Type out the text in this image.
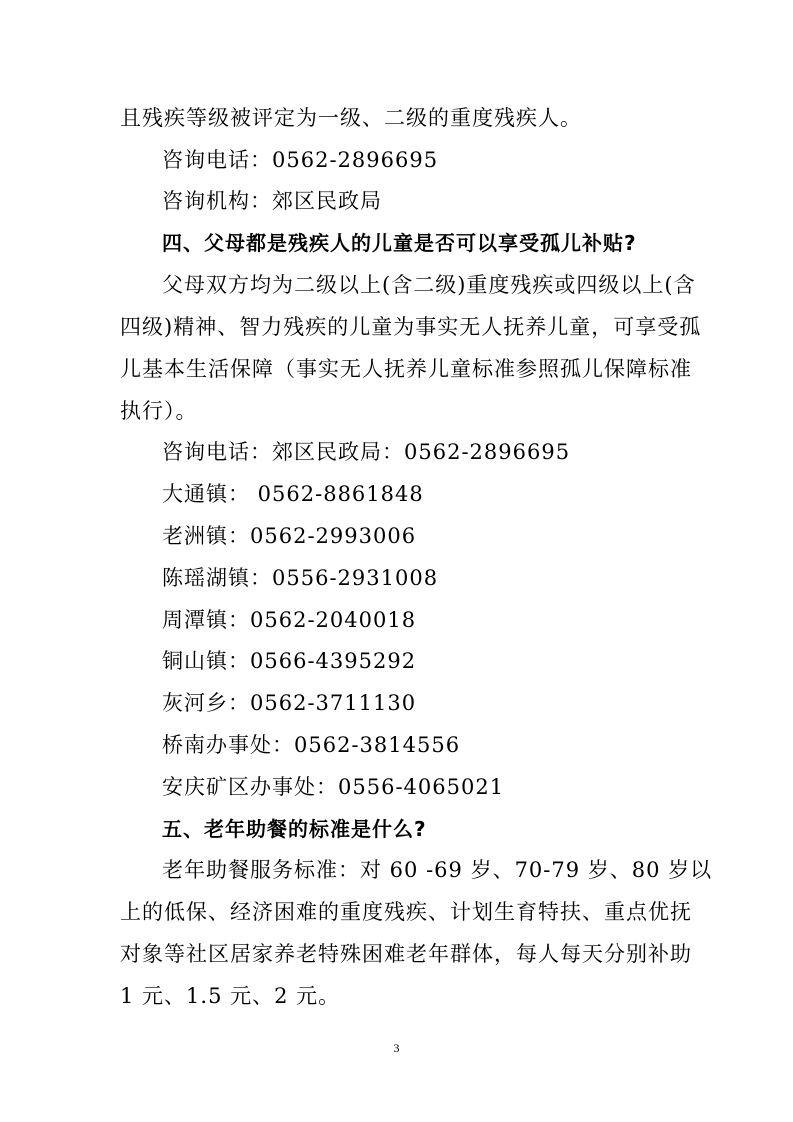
且残疾等级被评定为一级、二级的重度残疾人。
咨询电话：0562-2896695
咨询机构：郊区民政局
四、父母都是残疾人的儿童是否可以享受孤儿补贴?
父母双方均为二级以上(含二级)重度残疾或四级以上(含
四级)精神、智力残疾的儿童为事实无人抚养儿童，可享受孤
儿基本生活保障（事实无人抚养儿童标准参照孤儿保障标准
执行）。
咨询电话：郊区民政局：0562-2896695
大通镇： 0562-8861848
老洲镇：0562-2993006
陈瑶湖镇：0556-2931008
周潭镇：0562-2040018
铜山镇：0566-4395292
灰河乡：0562-3711130
桥南办事处：0562-3814556
安庆矿区办事处：0556-4065021
五、老年助餐的标准是什么?
老年助餐服务标准：对 60 -69 岁、70-79 岁、80 岁以
上的低保、经济困难的重度残疾、计划生育特扶、重点优抚
对象等社区居家养老特殊困难老年群体，每人每天分别补助
1 元、1.5 元、2 元。
3
